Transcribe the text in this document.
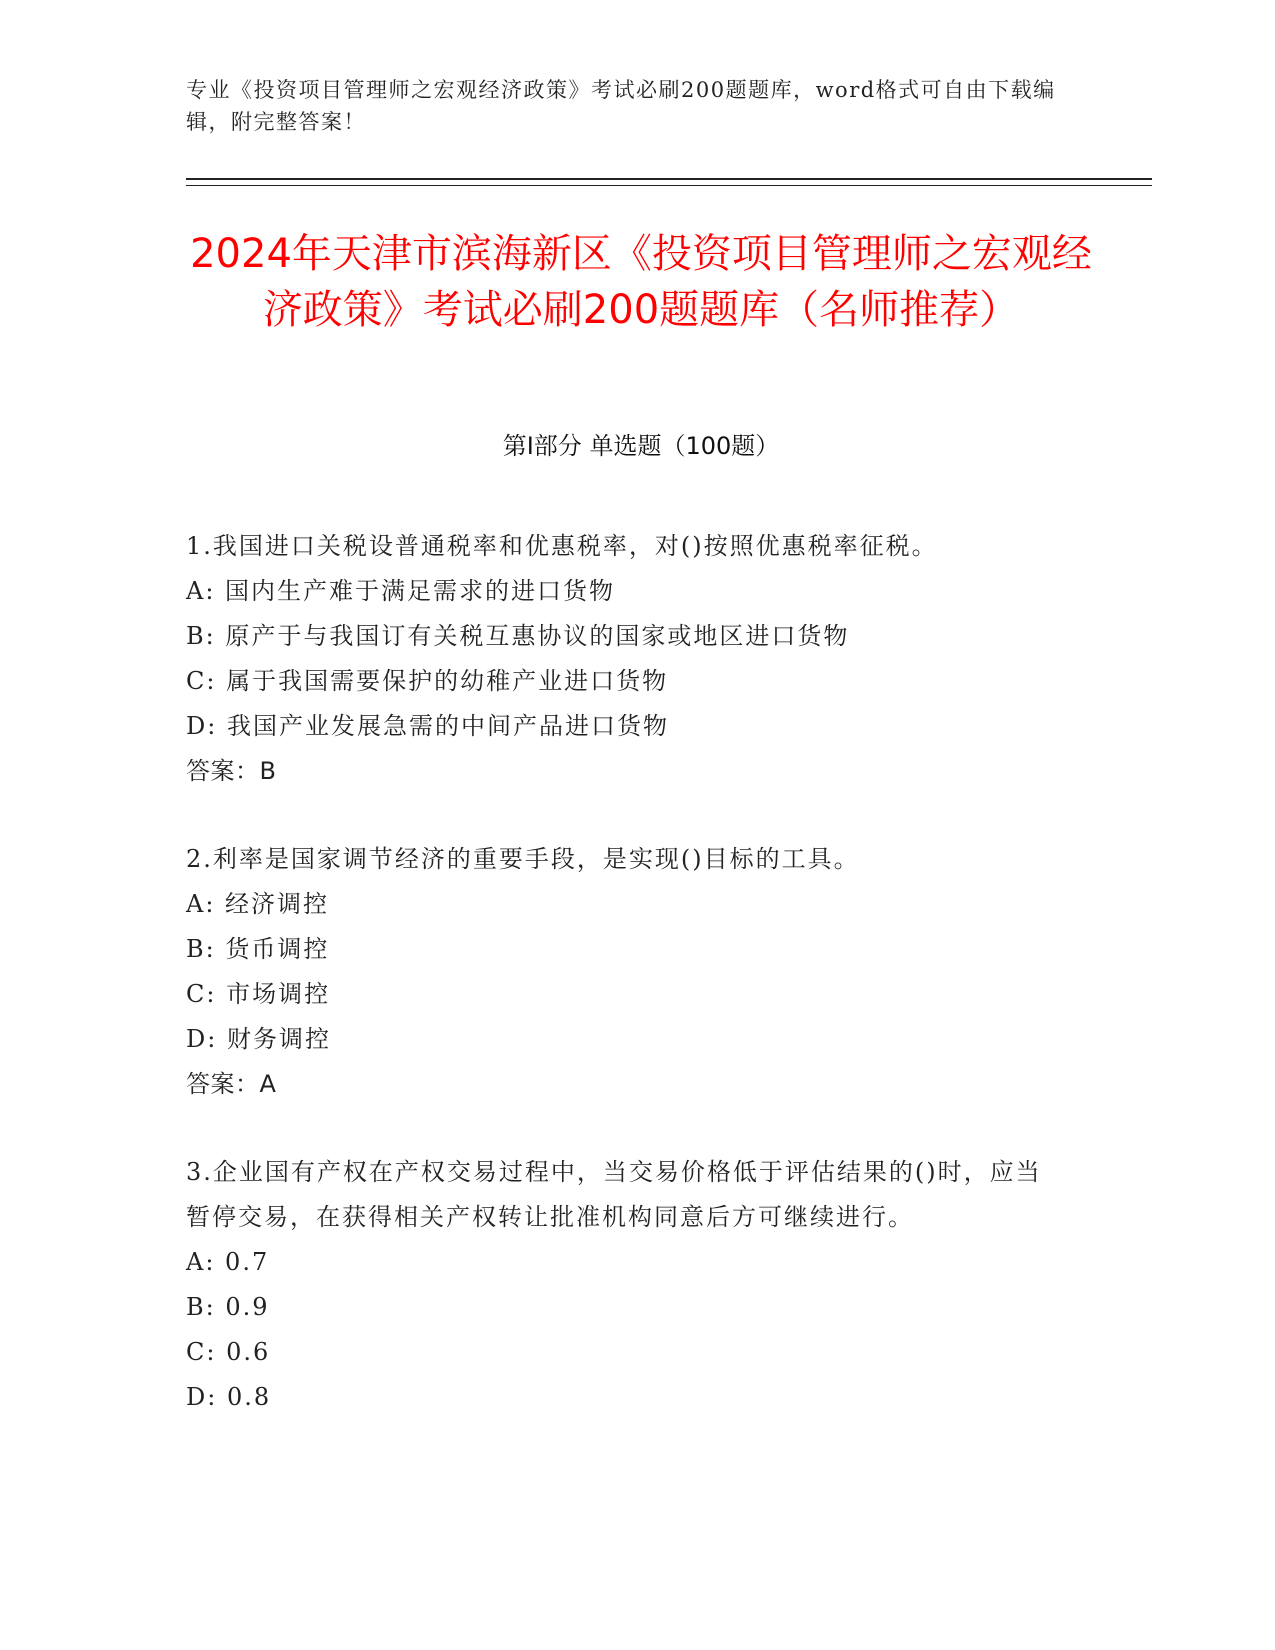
专业《投资项目管理师之宏观经济政策》考试必刷200题题库，word格式可自由下载编辑，附完整答案！
2024年天津市滨海新区《投资项目管理师之宏观经济政策》考试必刷200题题库（名师推荐）
第I部分 单选题（100题）

1.我国进口关税设普通税率和优惠税率，对()按照优惠税率征税。

A: 国内生产难于满足需求的进口货物

B: 原产于与我国订有关税互惠协议的国家或地区进口货物

C: 属于我国需要保护的幼稚产业进口货物

D: 我国产业发展急需的中间产品进口货物

答案：B

2.利率是国家调节经济的重要手段，是实现()目标的工具。

A: 经济调控

B: 货币调控

C: 市场调控

D: 财务调控

答案：A

3.企业国有产权在产权交易过程中，当交易价格低于评估结果的()时，应当暂停交易，在获得相关产权转让批准机构同意后方可继续进行。

A: 0.7

B: 0.9

C: 0.6

D: 0.8
